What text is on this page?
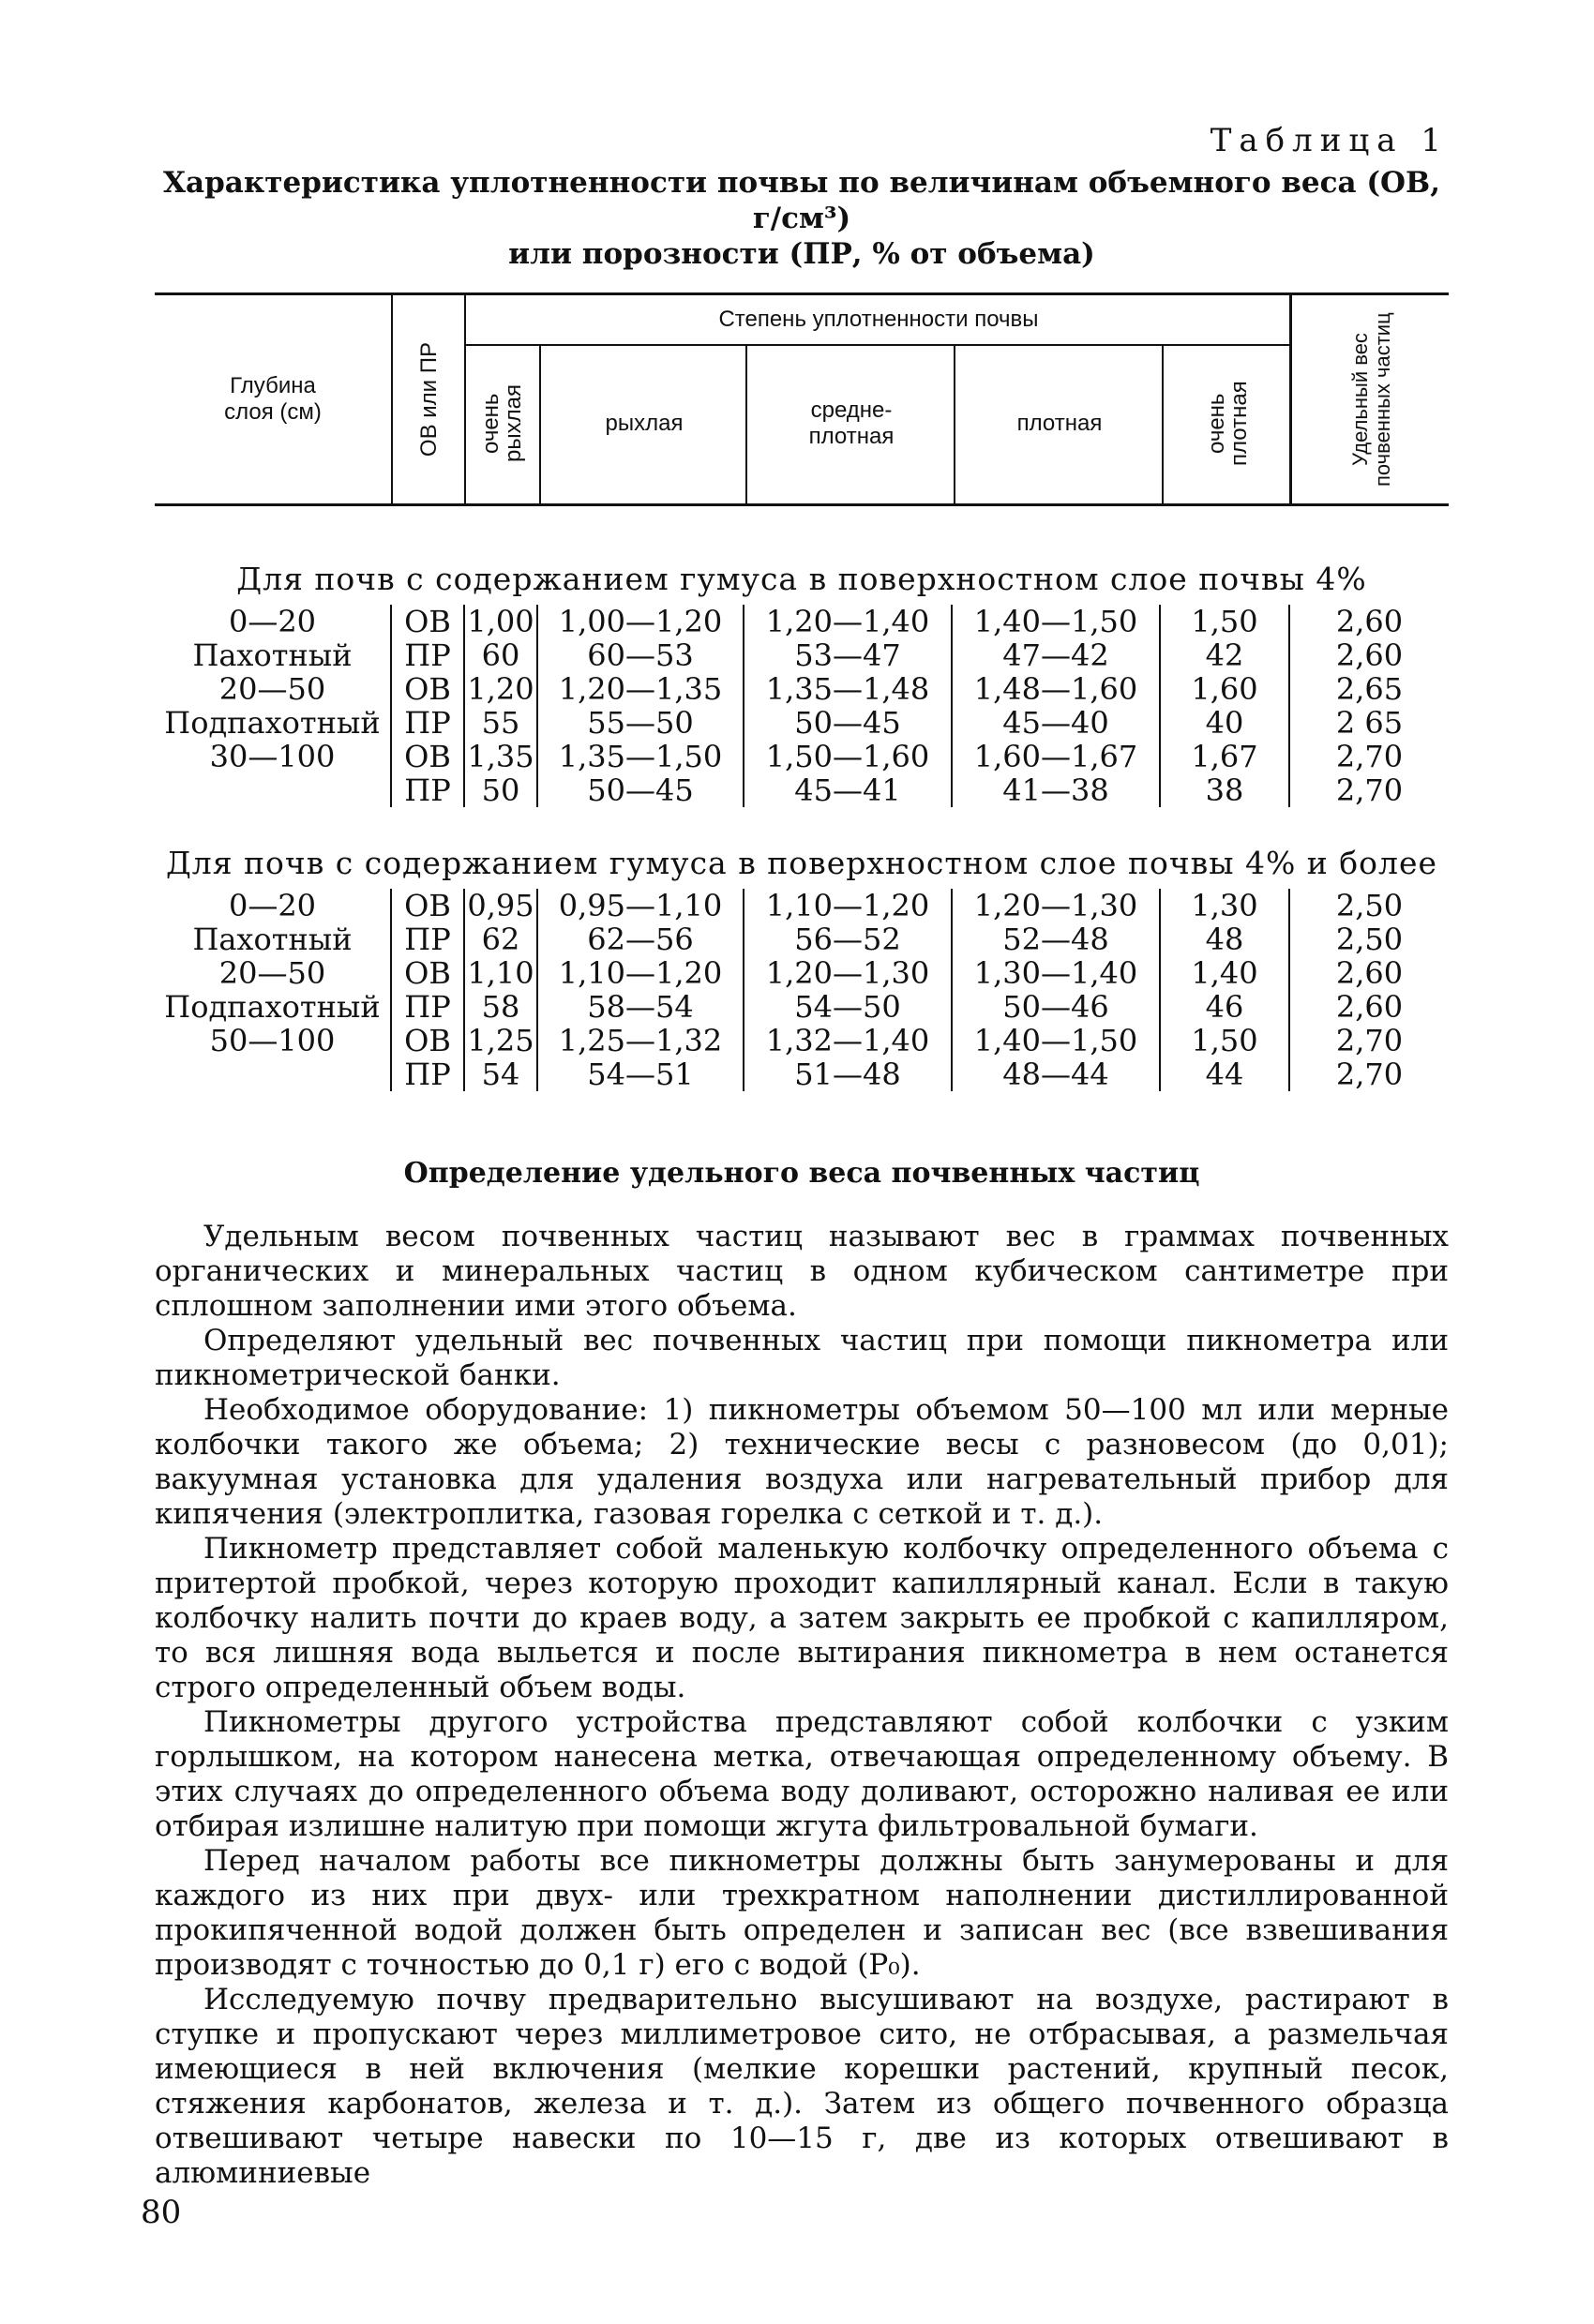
Таблица 1
Характеристика уплотненности почвы по величинам объемного веса (ОВ, г/см³)
или порозности (ПР, % от объема)
Глубина слоя (см)	ОВ или ПР
Степень уплотненности почвы
очень рыхлая	рыхлая
средне-плотная
плотная	очень плотная	Удельный вес почвенных частиц
Для почв с содержанием гумуса в поверхностном слое почвы 4%
0—20	ОВ	1,00	1,00—1,20	1,20—1,40	1,40—1,50	1,50	2,60
Пахотный	ПР	60	60—53	53—47	47—42	42	2,60
20—50	ОВ	1,20	1,20—1,35	1,35—1,48	1,48—1,60	1,60	2,65
Подпахотный	ПР	55	55—50	50—45	45—40	40	2 65
30—100	ОВ	1,35	1,35—1,50	1,50—1,60	1,60—1,67	1,67	2,70
	ПР	50	50—45	45—41	41—38	38	2,70
Для почв с содержанием гумуса в поверхностном слое почвы 4% и более
0—20	ОВ	0,95	0,95—1,10	1,10—1,20	1,20—1,30	1,30	2,50
Пахотный	ПР	62	62—56	56—52	52—48	48	2,50
20—50	ОВ	1,10	1,10—1,20	1,20—1,30	1,30—1,40	1,40	2,60
Подпахотный	ПР	58	58—54	54—50	50—46	46	2,60
50—100	ОВ	1,25	1,25—1,32	1,32—1,40	1,40—1,50	1,50	2,70
	ПР	54	54—51	51—48	48—44	44	2,70
Определение удельного веса почвенных частиц

Удельным весом почвенных частиц называют вес в граммах почвенных органических и минеральных частиц в одном кубическом сантиметре при сплошном заполнении ими этого объема.

Определяют удельный вес почвенных частиц при помощи пикнометра или пикнометрической банки.

Необходимое оборудование: 1) пикнометры объемом 50—100 мл или мерные колбочки такого же объема; 2) технические весы с разновесом (до 0,01); вакуумная установка для удаления воздуха или нагревательный прибор для кипячения (электроплитка, газовая горелка с сеткой и т. д.).

Пикнометр представляет собой маленькую колбочку определенного объема с притертой пробкой, через которую проходит капиллярный канал. Если в такую колбочку налить почти до краев воду, а затем закрыть ее пробкой с капилляром, то вся лишняя вода выльется и после вытирания пикнометра в нем останется строго определенный объем воды.

Пикнометры другого устройства представляют собой колбочки с узким горлышком, на котором нанесена метка, отвечающая определенному объему. В этих случаях до определенного объема воду доливают, осторожно наливая ее или отбирая излишне налитую при помощи жгута фильтровальной бумаги.

Перед началом работы все пикнометры должны быть занумерованы и для каждого из них при двух- или трехкратном наполнении дистиллированной прокипяченной водой должен быть определен и записан вес (все взвешивания производят с точностью до 0,1 г) его с водой (P₀).

Исследуемую почву предварительно высушивают на воздухе, растирают в ступке и пропускают через миллиметровое сито, не отбрасывая, а размельчая имеющиеся в ней включения (мелкие корешки растений, крупный песок, стяжения карбонатов, железа и т. д.). Затем из общего почвенного образца отвешивают четыре навески по 10—15 г, две из которых отвешивают в алюминиевые

80
